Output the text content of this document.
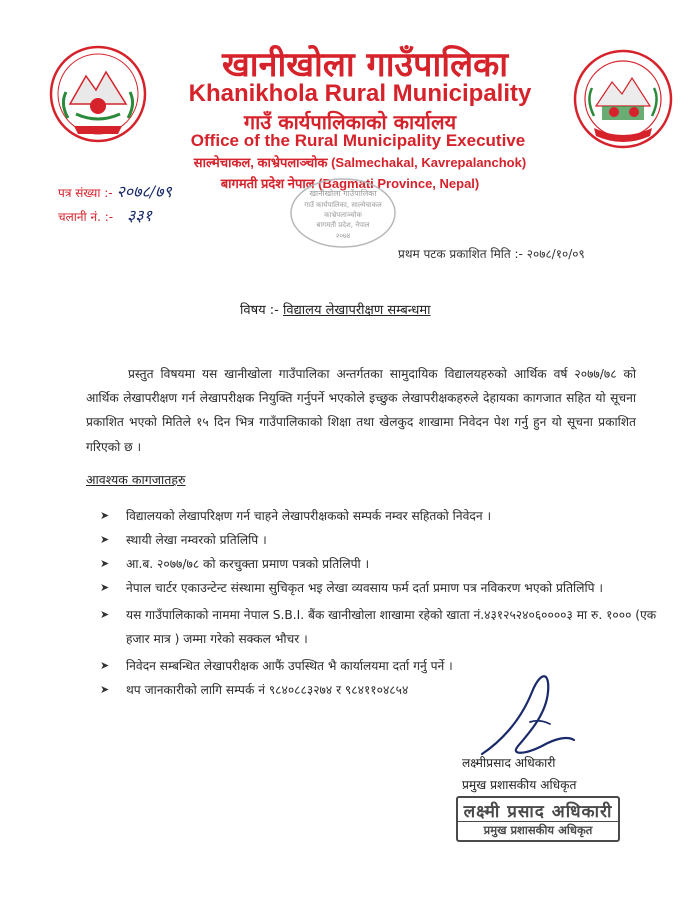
खानीखोला गाउँपालिका
Khanikhola Rural Municipality
गाउँ कार्यपालिकाको कार्यालय
Office of the Rural Municipality Executive
साल्मेचाकल, काभ्रेपलाञ्चोक (Salmechakal, Kavrepalanchok)
बागमती प्रदेश नेपाल (Bagmati Province, Nepal)
पत्र संख्या :- २०७८/७९
चलानी नं. :- ३३१
खानीखोला गाउँपालिका
गाउँ कार्यपालिका, साल्मेचाकल
काभ्रेपलाञ्चोक
बागमती प्रदेश, नेपाल
२०७४
प्रथम पटक प्रकाशित मिति :- २०७८/१०/०९
विषय :- विद्यालय लेखापरीक्षण सम्बन्धमा
प्रस्तुत विषयमा यस खानीखोला गाउँपालिका अन्तर्गतका सामुदायिक विद्यालयहरुको आर्थिक वर्ष २०७७/७८ को आर्थिक लेखापरीक्षण गर्न लेखापरीक्षक नियुक्ति गर्नुपर्ने भएकोले इच्छुक लेखापरीक्षकहरुले देहायका कागजात सहित यो सूचना प्रकाशित भएको मितिले १५ दिन भित्र गाउँपालिकाको शिक्षा तथा खेलकुद शाखामा निवेदन पेश गर्नु हुन यो सूचना प्रकाशित गरिएको छ ।
आवश्यक कागजातहरु
➤ विद्यालयको लेखापरिक्षण गर्न चाहने लेखापरीक्षकको सम्पर्क नम्वर सहितको निवेदन ।
➤ स्थायी लेखा नम्वरको प्रतिलिपि ।
➤ आ.ब. २०७७/७८ को करचुक्ता प्रमाण पत्रको प्रतिलिपी ।
➤ नेपाल चार्टर एकाउन्टेन्ट संस्थामा सुचिकृत भइ लेखा व्यवसाय फर्म दर्ता प्रमाण पत्र नविकरण भएको प्रतिलिपि ।
➤ यस गाउँपालिकाको नाममा नेपाल S.B.I. बैंक खानीखोला शाखामा रहेको खाता नं.४३१२५२४०६००००३ मा रु. १००० (एक हजार मात्र ) जम्मा गरेको सक्कल भौचर ।
➤ निवेदन सम्बन्धित लेखापरीक्षक आफैं उपस्थित भै कार्यालयमा दर्ता गर्नु पर्ने ।
➤ थप जानकारीको लागि सम्पर्क नं ९८४०८८३२७४ र ९८४११०४८५४
लक्ष्मीप्रसाद अधिकारी
प्रमुख प्रशासकीय अधिकृत
लक्ष्मी प्रसाद अधिकारी
प्रमुख प्रशासकीय अधिकृत
